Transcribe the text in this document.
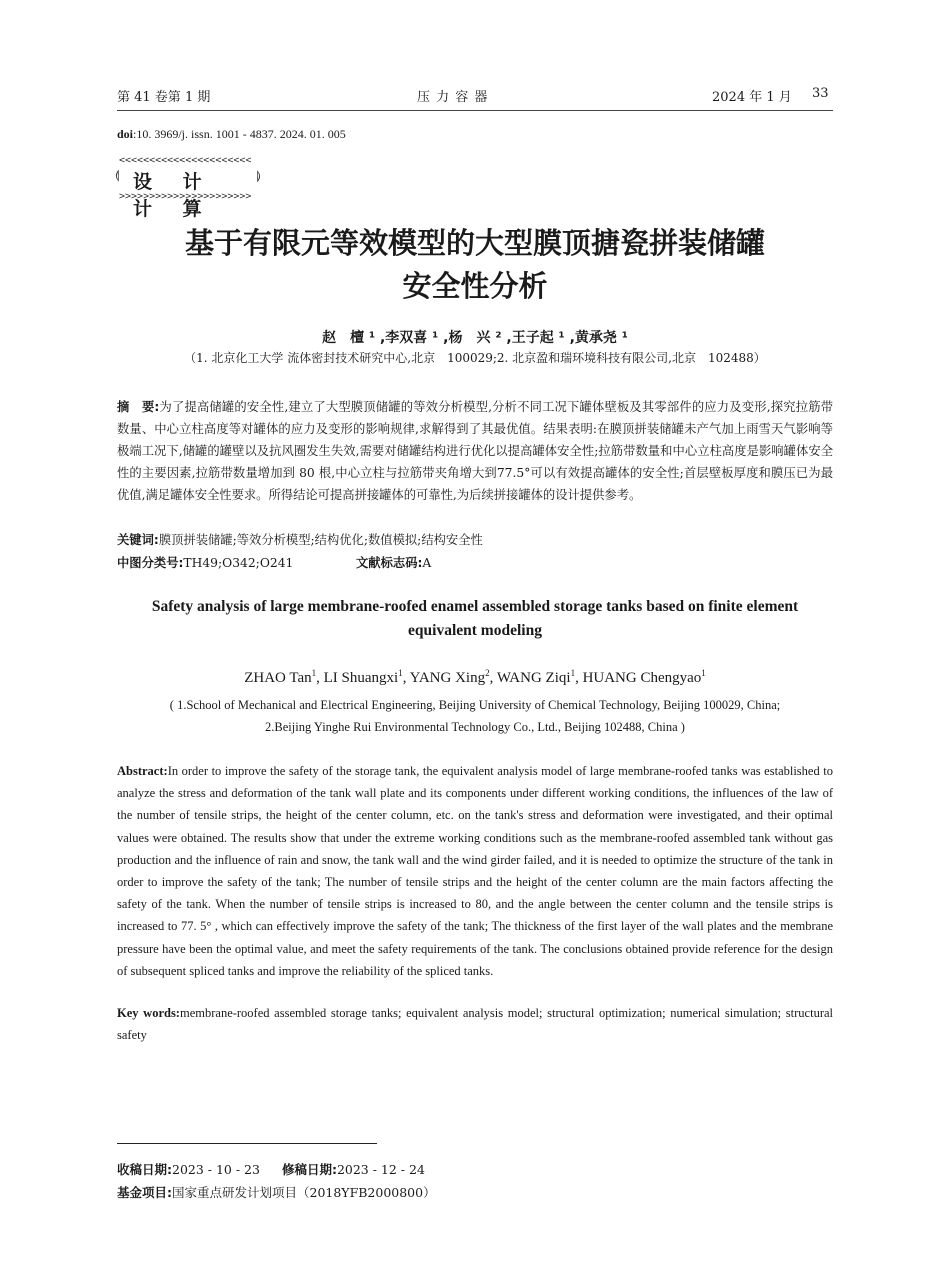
第 41 卷第 1 期	压 力 容 器	2024 年 1 月 33
doi:10. 3969/j. issn. 1001 - 4837. 2024. 01. 005
<<<<<<<<<<<<<<<<<<<<<<
⟬ 设 计 计 算
⟭
>>>>>>>>>>>>>>>>>>>>>>
基于有限元等效模型的大型膜顶搪瓷拼装储罐
安全性分析
赵　檀 ¹ ,李双喜 ¹ ,杨　兴 ² ,王子起 ¹ ,黄承尧 ¹
（1. 北京化工大学 流体密封技术研究中心,北京　100029;2. 北京盈和瑞环境科技有限公司,北京　102488）
摘　要:为了提高储罐的安全性,建立了大型膜顶储罐的等效分析模型,分析不同工况下罐体壁板及其零部件的应力及变形,探究拉筋带数量、中心立柱高度等对罐体的应力及变形的影响规律,求解得到了其最优值。结果表明:在膜顶拼装储罐未产气加上雨雪天气影响等极端工况下,储罐的罐壁以及抗风圈发生失效,需要对储罐结构进行优化以提高罐体安全性;拉筋带数量和中心立柱高度是影响罐体安全性的主要因素,拉筋带数量增加到 80 根,中心立柱与拉筋带夹角增大到77.5°可以有效提高罐体的安全性;首层壁板厚度和膜压已为最优值,满足罐体安全性要求。所得结论可提高拼接罐体的可靠性,为后续拼接罐体的设计提供参考。
关键词:膜顶拼装储罐;等效分析模型;结构优化;数值模拟;结构安全性
中图分类号:TH49;O342;O241	文献标志码:A
Safety analysis of large membrane-roofed enamel assembled storage tanks based on finite element
equivalent modeling
ZHAO Tan$^1$, LI Shuangxi$^1$, YANG Xing$^2$, WANG Ziqi$^1$, HUANG Chengyao$^1$
( 1.School of Mechanical and Electrical Engineering, Beijing University of Chemical Technology, Beijing 100029, China;
2.Beijing Yinghe Rui Environmental Technology Co., Ltd., Beijing 102488, China )
Abstract:In order to improve the safety of the storage tank, the equivalent analysis model of large membrane-roofed tanks was established to analyze the stress and deformation of the tank wall plate and its components under different working conditions, the influences of the law of the number of tensile strips, the height of the center column, etc. on the tank's stress and deformation were investigated, and their optimal values were obtained. The results show that under the extreme working conditions such as the membrane-roofed assembled tank without gas production and the influence of rain and snow, the tank wall and the wind girder failed, and it is needed to optimize the structure of the tank in order to improve the safety of the tank; The number of tensile strips and the height of the center column are the main factors affecting the safety of the tank. When the number of tensile strips is increased to 80, and the angle between the center column and the tensile strips is increased to 77. 5° , which can effectively improve the safety of the tank; The thickness of the first layer of the wall plates and the membrane pressure have been the optimal value, and meet the safety requirements of the tank. The conclusions obtained provide reference for the design of subsequent spliced tanks and improve the reliability of the spliced tanks.
Key words:membrane-roofed assembled storage tanks; equivalent analysis model; structural optimization; numerical simulation; structural safety
收稿日期:2023 - 10 - 23 修稿日期:2023 - 12 - 24
基金项目:国家重点研发计划项目（2018YFB2000800）
